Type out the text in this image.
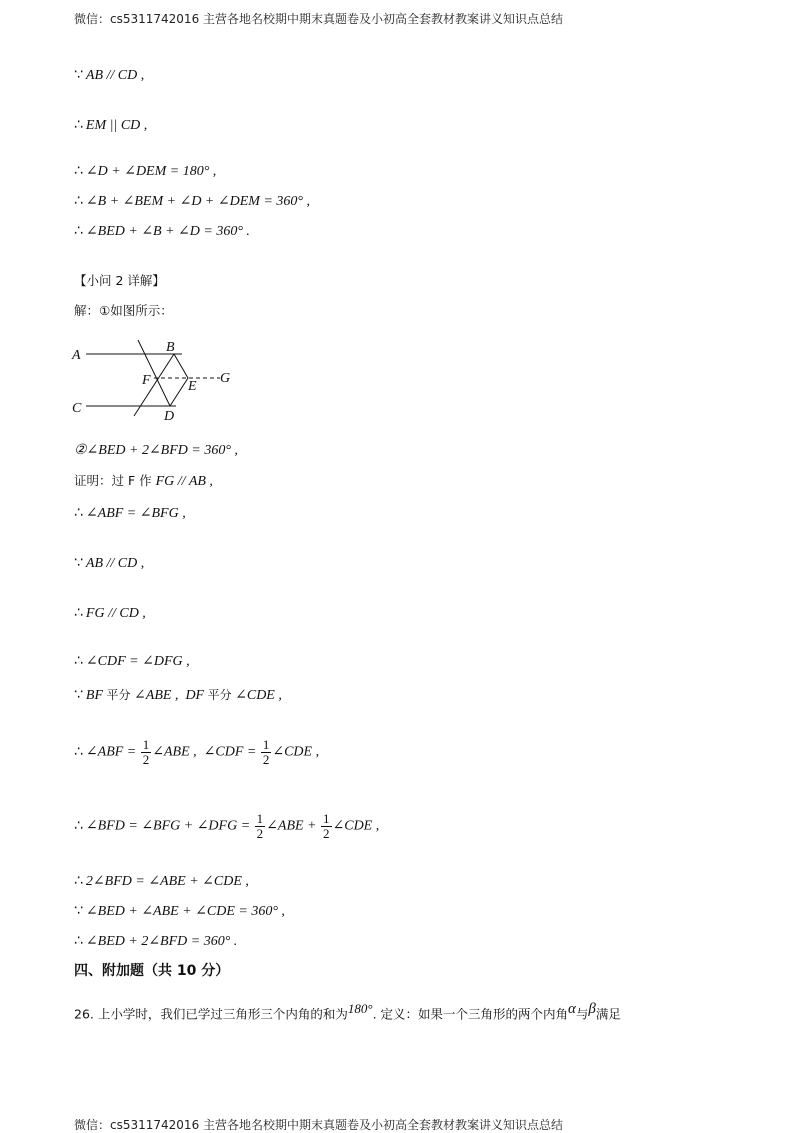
微信：cs5311742016 主营各地名校期中期末真题卷及小初高全套教材教案讲义知识点总结
∵ AB // CD ,
∴ EM || CD ,
∴ ∠D + ∠DEM = 180° ,
∴ ∠B + ∠BEM + ∠D + ∠DEM = 360° ,
∴ ∠BED + ∠B + ∠D = 360° .
【小问 2 详解】
解：①如图所示：
A
B
C
D
E
F	G
②∠BED + 2∠BFD = 360° ,
证明：过 F 作 FG // AB ,
∴ ∠ABF = ∠BFG ,
∵ AB // CD ,
∴ FG // CD ,
∴ ∠CDF = ∠DFG ,
∵ BF 平分 ∠ABE , DF 平分 ∠CDE ,
∴ ∠ABF = $\frac{1}{2}$ ∠ABE , ∠CDF = $\frac{1}{2}$ ∠CDE ,
∴ ∠BFD = ∠BFG + ∠DFG = $\frac{1}{2}$ ∠ABE + $\frac{1}{2}$ ∠CDE ,
∴ 2∠BFD = ∠ABE + ∠CDE ,
∵ ∠BED + ∠ABE + ∠CDE = 360° ,
∴ ∠BED + 2∠BFD = 360° .
四、附加题（共 10 分）
26. 上小学时，我们已学过三角形三个内角的和为$^{180^\circ}$. 定义：如果一个三角形的两个内角$^\alpha$与$^\beta$满足
微信：cs5311742016 主营各地名校期中期末真题卷及小初高全套教材教案讲义知识点总结
